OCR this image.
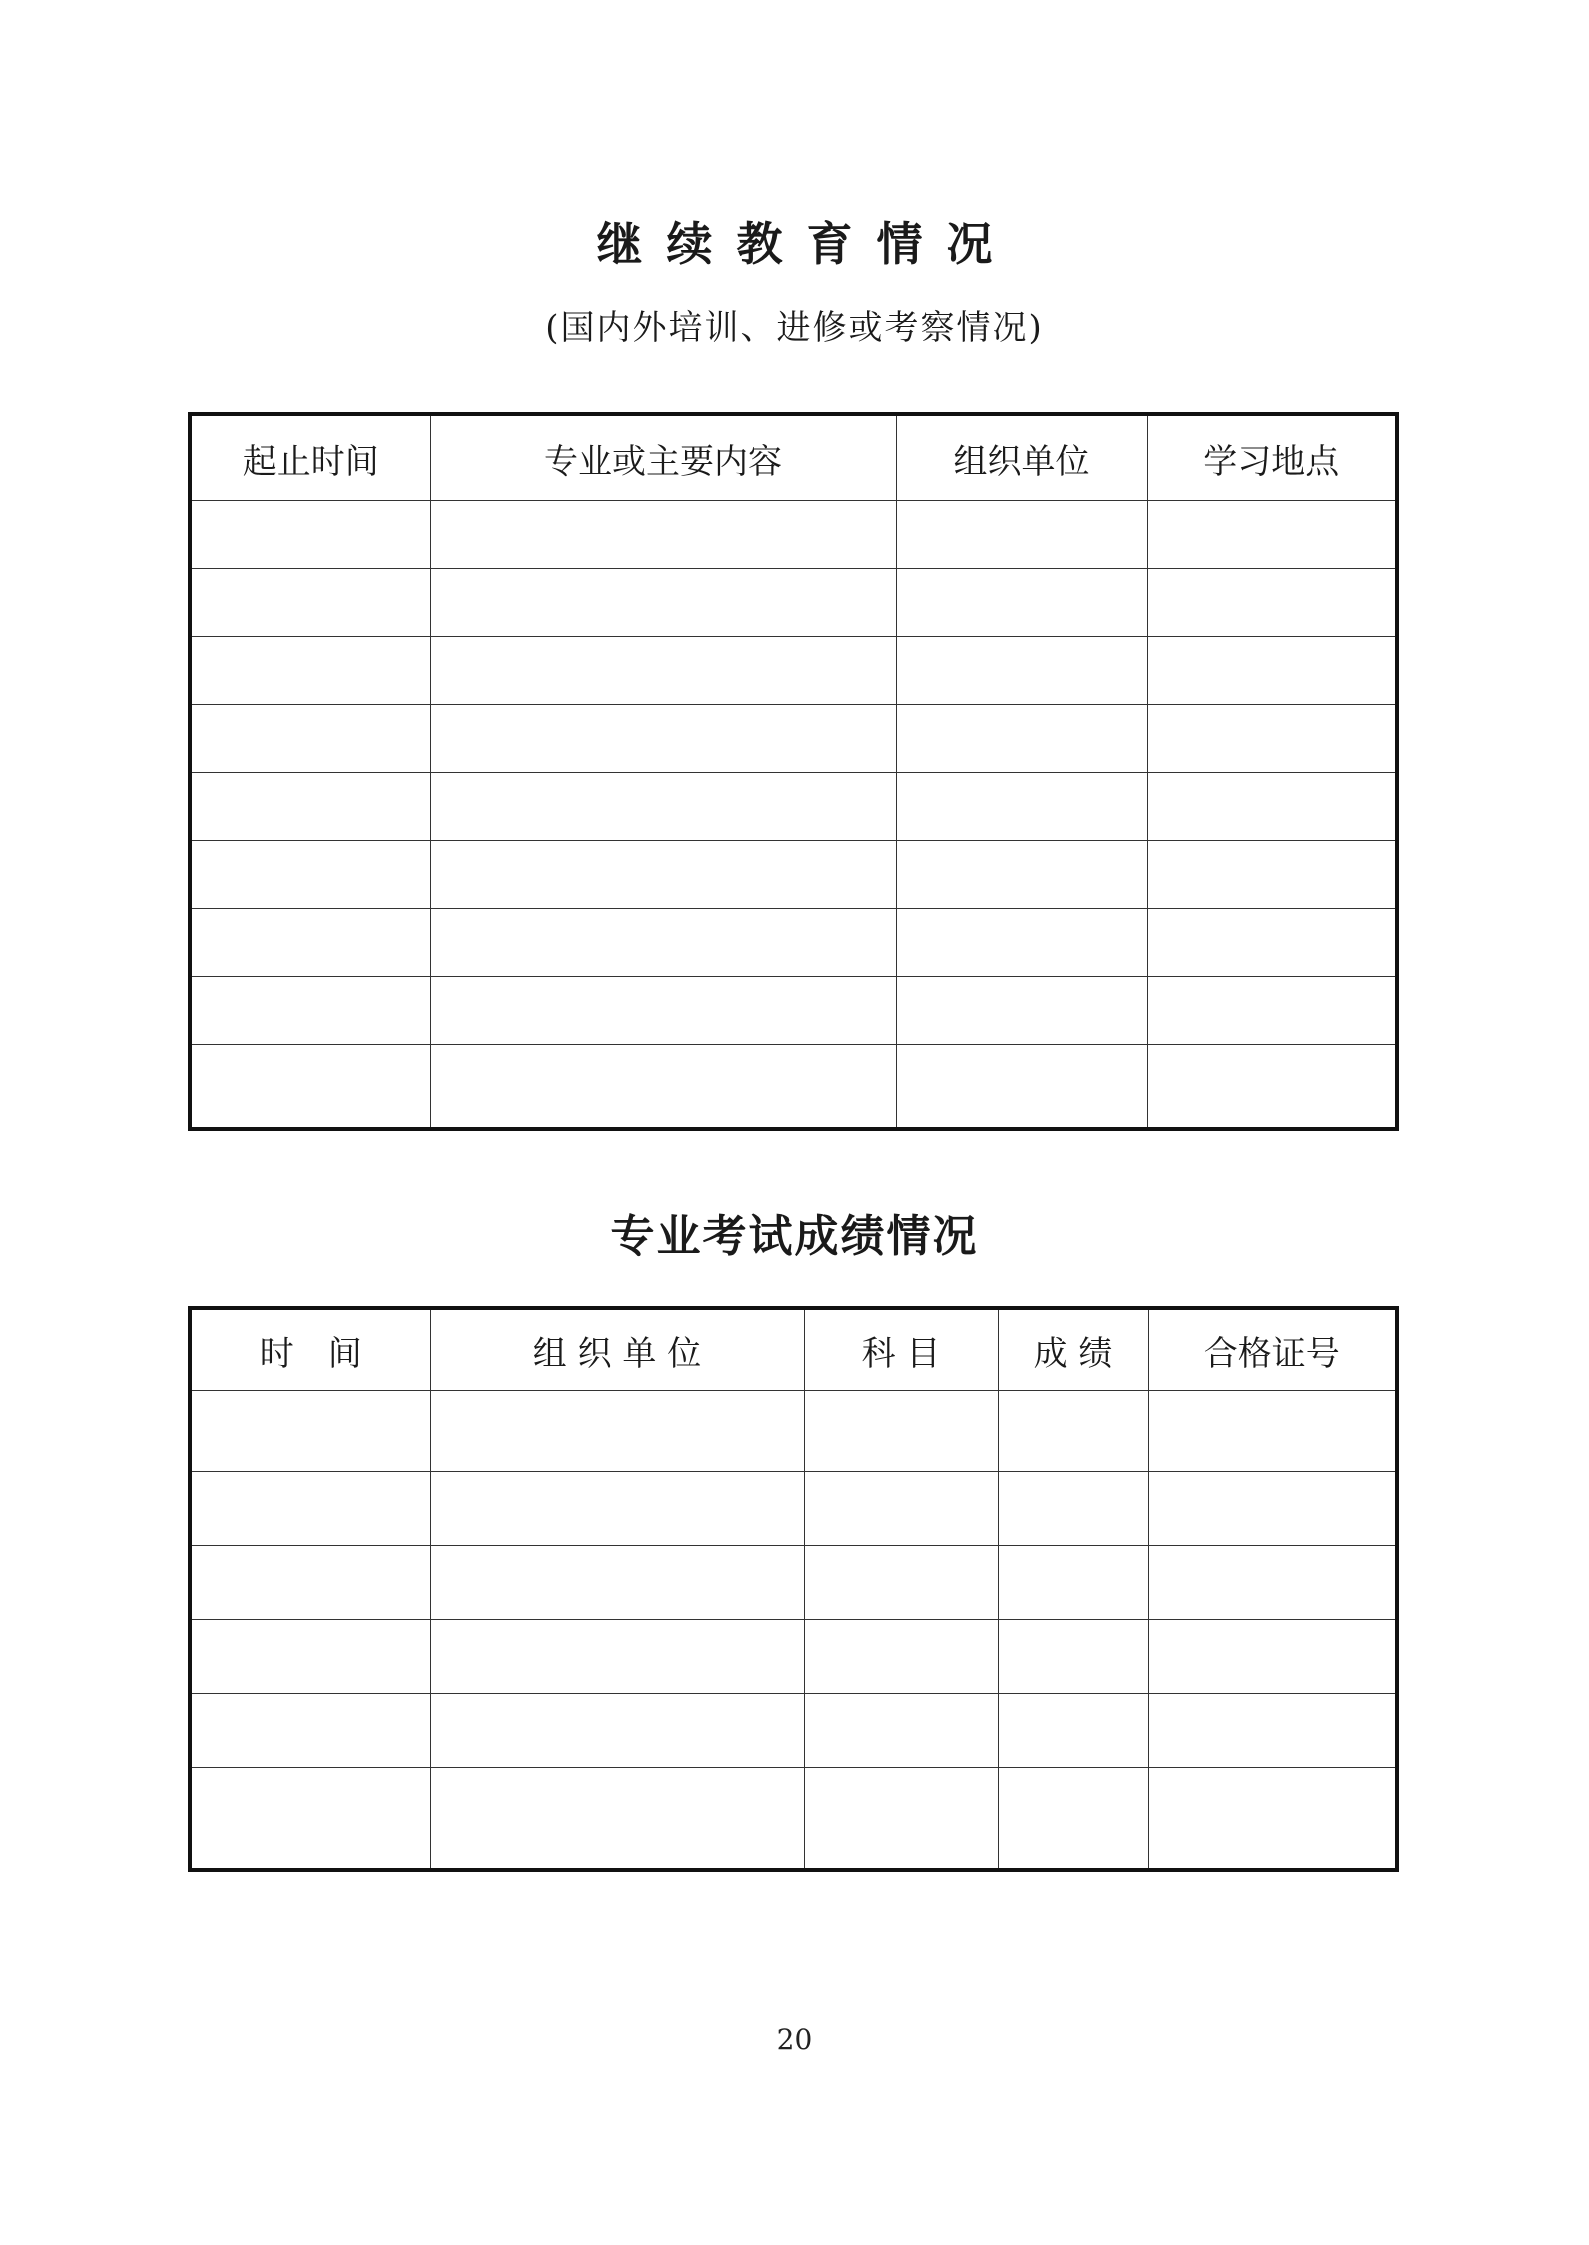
继续教育情况
(国内外培训、进修或考察情况)
起止时间	专业或主要内容	组织单位	学习地点

专业考试成绩情况
时　间	组 织 单 位	科 目	成 绩	合格证号

20
